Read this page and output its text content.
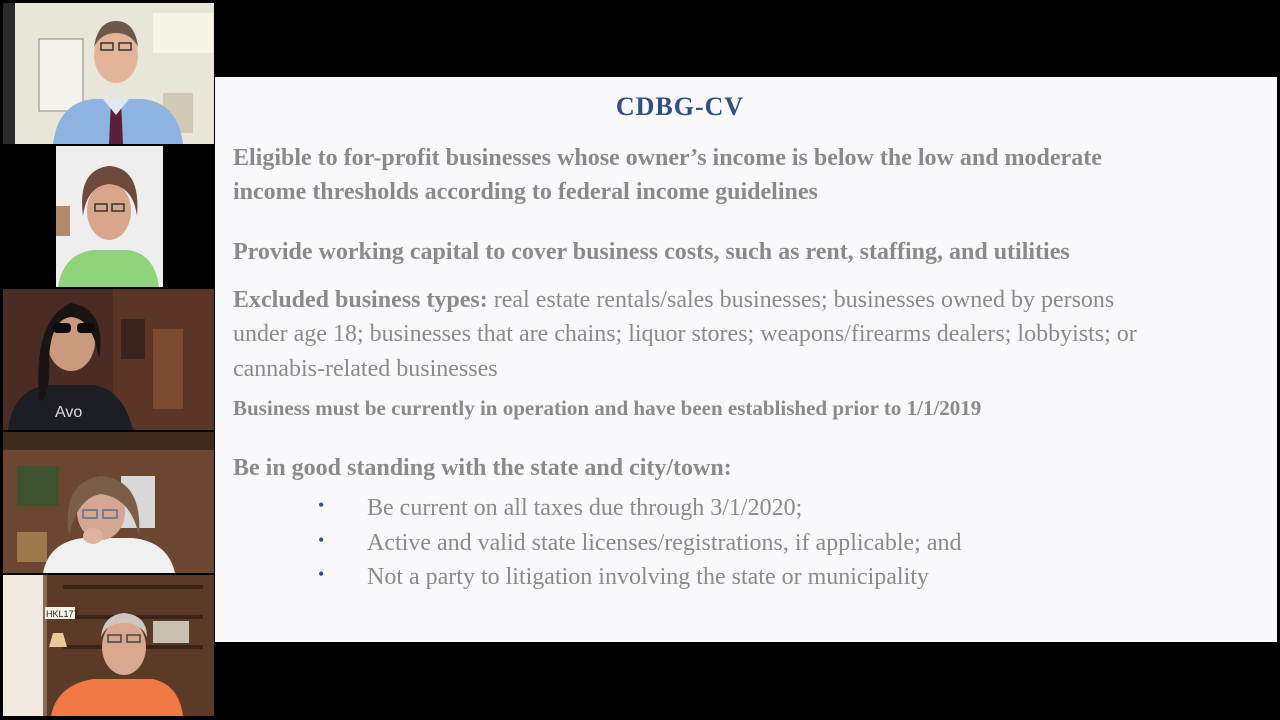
Avo
HKL177
CDBG-CV
Eligible to for-profit businesses whose owner’s income is below the low and moderate
income thresholds according to federal income guidelines
Provide working capital to cover business costs, such as rent, staffing, and utilities
Excluded business types: real estate rentals/sales businesses; businesses owned by persons
under age 18; businesses that are chains; liquor stores; weapons/firearms dealers; lobbyists; or
cannabis-related businesses
Business must be currently in operation and have been established prior to 1/1/2019
Be in good standing with the state and city/town:
• Be current on all taxes due through 3/1/2020;
• Active and valid state licenses/registrations, if applicable; and
• Not a party to litigation involving the state or municipality
